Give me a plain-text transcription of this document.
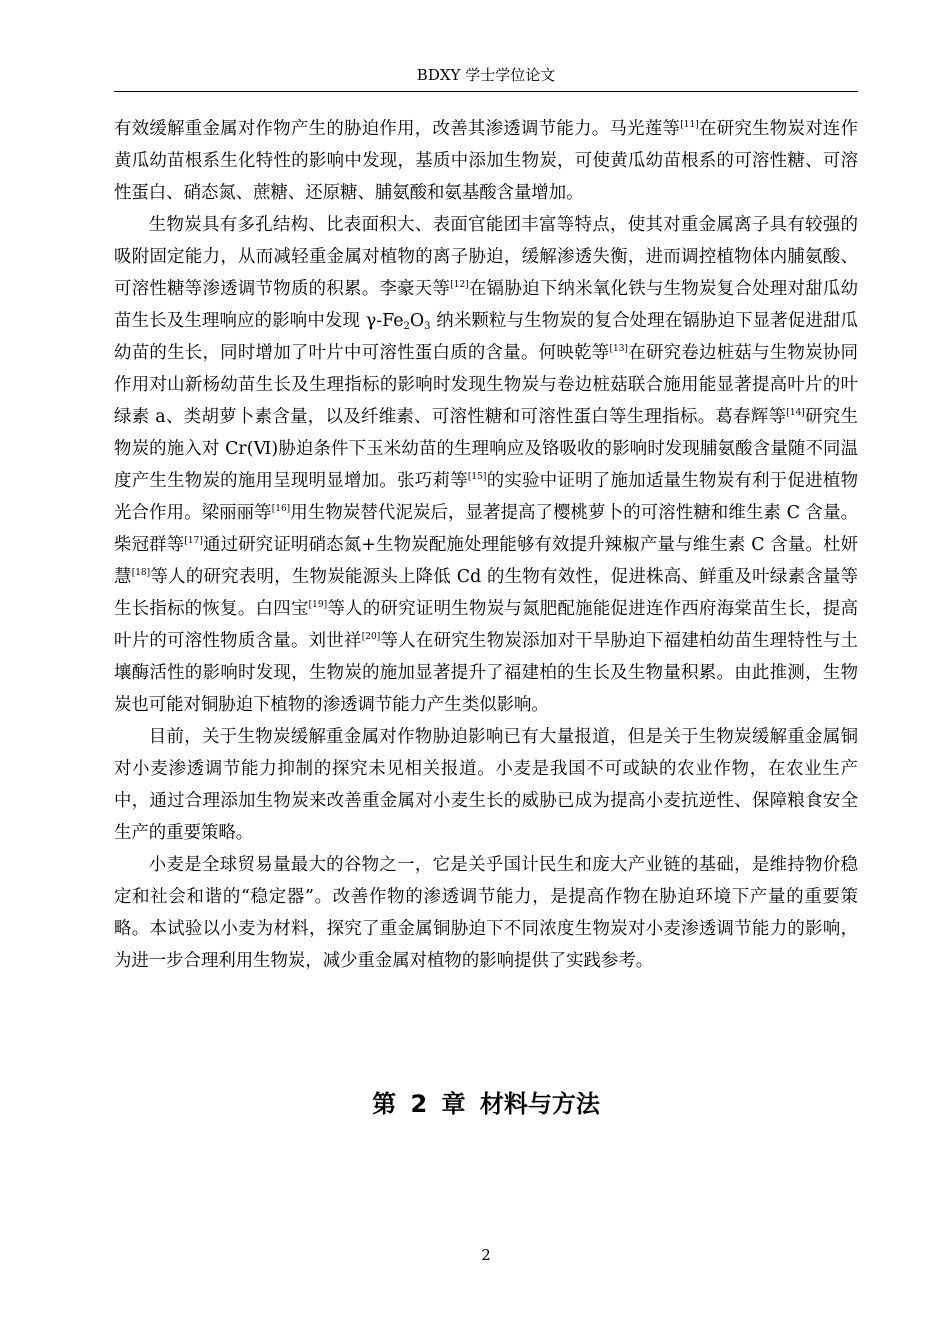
BDXY 学士学位论文

有效缓解重金属对作物产生的胁迫作用，改善其渗透调节能力。马光莲等[11]在研究生物炭对连作黄瓜幼苗根系生化特性的影响中发现，基质中添加生物炭，可使黄瓜幼苗根系的可溶性糖、可溶性蛋白、硝态氮、蔗糖、还原糖、脯氨酸和氨基酸含量增加。

生物炭具有多孔结构、比表面积大、表面官能团丰富等特点，使其对重金属离子具有较强的吸附固定能力，从而减轻重金属对植物的离子胁迫，缓解渗透失衡，进而调控植物体内脯氨酸、可溶性糖等渗透调节物质的积累。李豪天等[12]在镉胁迫下纳米氧化铁与生物炭复合处理对甜瓜幼苗生长及生理响应的影响中发现 $\gamma-Fe_2O_3$ 纳米颗粒与生物炭的复合处理在镉胁迫下显著促进甜瓜幼苗的生长，同时增加了叶片中可溶性蛋白质的含量。何映乾等[13]在研究卷边桩菇与生物炭协同作用对山新杨幼苗生长及生理指标的影响时发现生物炭与卷边桩菇联合施用能显著提高叶片的叶绿素 a、类胡萝卜素含量，以及纤维素、可溶性糖和可溶性蛋白等生理指标。葛春辉等[14]研究生物炭的施入对 Cr(Ⅵ)胁迫条件下玉米幼苗的生理响应及铬吸收的影响时发现脯氨酸含量随不同温度产生生物炭的施用呈现明显增加。张巧莉等[15]的实验中证明了施加适量生物炭有利于促进植物光合作用。梁丽丽等[16]用生物炭替代泥炭后，显著提高了樱桃萝卜的可溶性糖和维生素 C 含量。柴冠群等[17]通过研究证明硝态氮+生物炭配施处理能够有效提升辣椒产量与维生素 C 含量。杜妍慧[18]等人的研究表明，生物炭能源头上降低 Cd 的生物有效性，促进株高、鲜重及叶绿素含量等生长指标的恢复。白四宝[19]等人的研究证明生物炭与氮肥配施能促进连作西府海棠苗生长，提高叶片的可溶性物质含量。刘世祥[20]等人在研究生物炭添加对干旱胁迫下福建柏幼苗生理特性与土壤酶活性的影响时发现，生物炭的施加显著提升了福建柏的生长及生物量积累。由此推测，生物炭也可能对铜胁迫下植物的渗透调节能力产生类似影响。

目前，关于生物炭缓解重金属对作物胁迫影响已有大量报道，但是关于生物炭缓解重金属铜对小麦渗透调节能力抑制的探究未见相关报道。小麦是我国不可或缺的农业作物，在农业生产中，通过合理添加生物炭来改善重金属对小麦生长的威胁已成为提高小麦抗逆性、保障粮食安全生产的重要策略。

小麦是全球贸易量最大的谷物之一，它是关乎国计民生和庞大产业链的基础，是维持物价稳定和社会和谐的“稳定器”。改善作物的渗透调节能力，是提高作物在胁迫环境下产量的重要策略。本试验以小麦为材料，探究了重金属铜胁迫下不同浓度生物炭对小麦渗透调节能力的影响，为进一步合理利用生物炭，减少重金属对植物的影响提供了实践参考。

第 2 章 材料与方法
2
